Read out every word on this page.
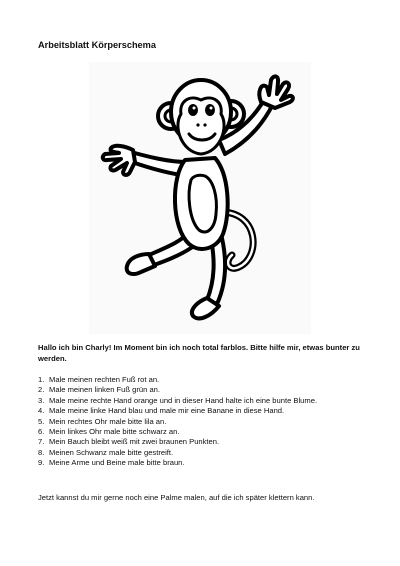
Arbeitsblatt Körperschema

Hallo ich bin Charly! Im Moment bin ich noch total farblos. Bitte hilfe mir, etwas bunter zu werden.

1. Male meinen rechten Fuß rot an.
2. Male meinen linken Fuß grün an.
3. Male meine rechte Hand orange und in dieser Hand halte ich eine bunte Blume.
4. Male meine linke Hand blau und male mir eine Banane in diese Hand.
5. Mein rechtes Ohr male bitte lila an.
6. Mein linkes Ohr male bitte schwarz an.
7. Mein Bauch bleibt weiß mit zwei braunen Punkten.
8. Meinen Schwanz male bitte gestreift.
9. Meine Arme und Beine male bitte braun.

Jetzt kannst du mir gerne noch eine Palme malen, auf die ich später klettern kann.
